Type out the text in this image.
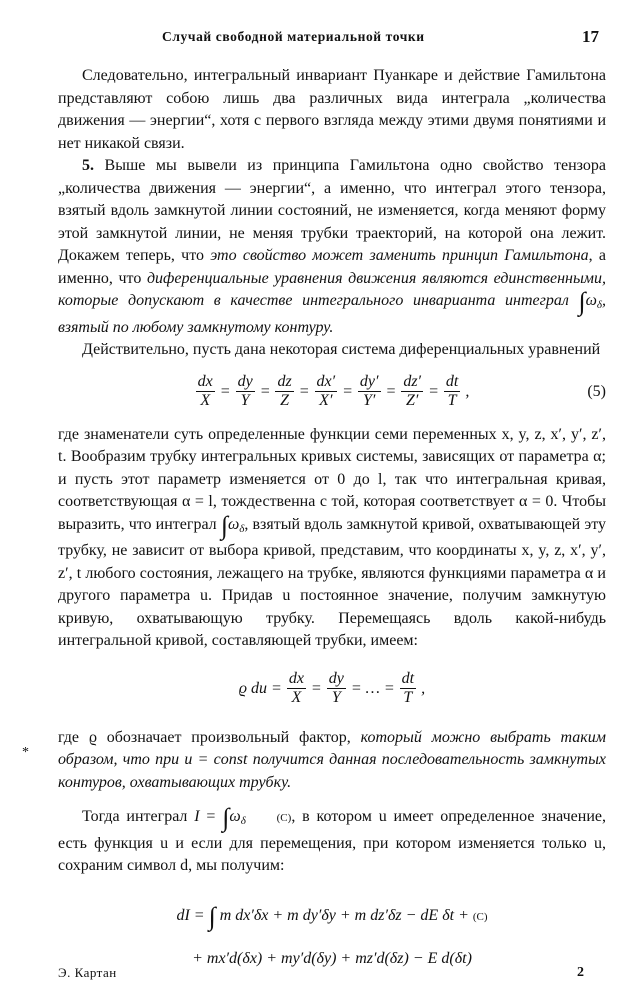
Случай свободной материальной точки	17
*

Следовательно, интегральный инвариант Пуанкаре и действие Гамильтона представляют собою лишь два различных вида интеграла „количества движения — энергии“, хотя с первого взгляда между этими двумя понятиями и нет никакой связи.

5. Выше мы вывели из принципа Гамильтона одно свойство тензора „количества движения — энергии“, а именно, что интеграл этого тензора, взятый вдоль замкнутой линии состояний, не изменяется, когда меняют форму этой замкнутой линии, не меняя трубки траекторий, на которой она лежит. Докажем теперь, что это свойство может заменить принцип Гамильтона, а именно, что диференциальные уравнения движения являются единственными, которые допускают в качестве интегрального инварианта интеграл $\int\omega_\delta$, взятый по любому замкнутому контуру.

Действительно, пусть дана некоторая система диференциальных уравнений

$\frac{dx}{X} = \frac{dy}{Y} = \frac{dz}{Z} = \frac{dx'}{X'} = \frac{dy'}{Y'} = \frac{dz'}{Z'} = \frac{dt}{T}$ ,	(5)

где знаменатели суть определенные функции семи переменных x, y, z, x′, y′, z′, t. Вообразим трубку интегральных кривых системы, зависящих от параметра α; и пусть этот параметр изменяется от 0 до l, так что интегральная кривая, соответствующая α = l, тождественна с той, которая соответствует α = 0. Чтобы выразить, что интеграл $\int\omega_\delta$, взятый вдоль замкнутой кривой, охватывающей эту трубку, не зависит от выбора кривой, представим, что координаты x, y, z, x′, y′, z′, t любого состояния, лежащего на трубке, являются функциями параметра α и другого параметра u. Придав u постоянное значение, получим замкнутую кривую, охватывающую трубку. Перемещаясь вдоль какой-нибудь интегральной кривой, составляющей трубки, имеем:

ϱ du = $\frac{dx}{X} = \frac{dy}{Y}$ = … = $\frac{dt}{T}$ ,

где ϱ обозначает произвольный фактор, который можно выбрать таким образом, что при u = const получится данная последовательность замкнутых контуров, охватывающих трубку.

Тогда интеграл $I = \int\omega_\delta$	(C), в котором u имеет определенное значение, есть функция u и если для перемещения, при котором изменяется только u, сохраним символ d, мы получим:

dI = ∫ m dx′δx + m dy′δy + m dz′δz − dE δt + (C)
+ mx′d(δx) + my′d(δy) + mz′d(δz) − E d(δt)
Э. Картан	2
